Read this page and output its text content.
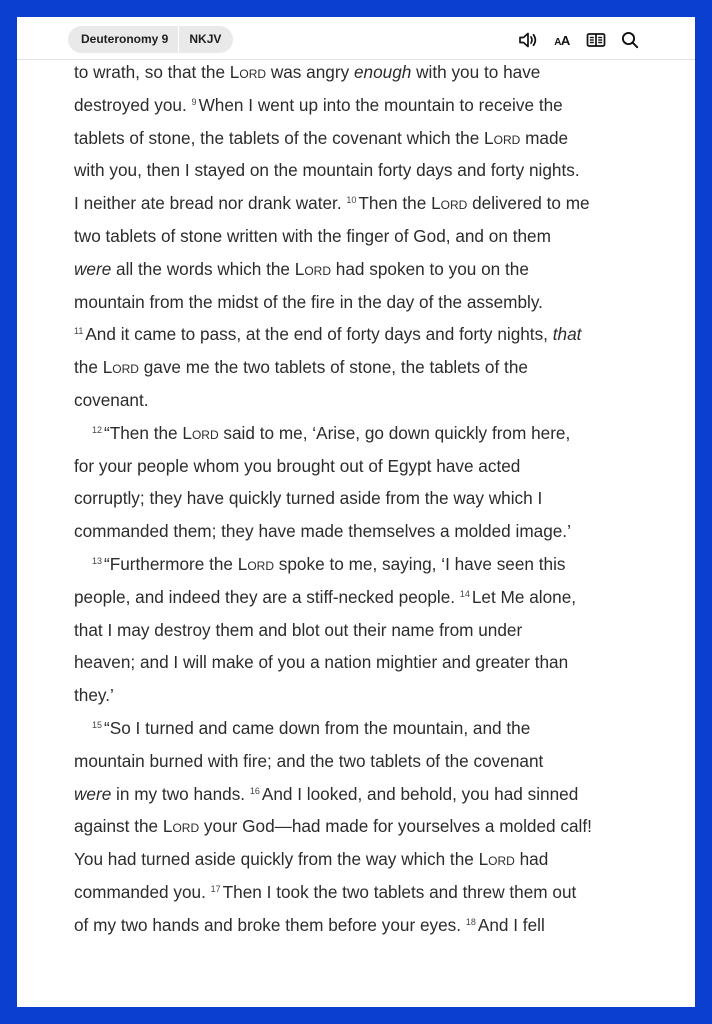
Deuteronomy 9	NKJV	AA

to wrath, so that the Lord was angry enough with you to have

destroyed you. $^9$ When I went up into the mountain to receive the

tablets of stone, the tablets of the covenant which the Lord made

with you, then I stayed on the mountain forty days and forty nights.

I neither ate bread nor drank water. $^{10}$ Then the Lord delivered to me

two tablets of stone written with the finger of God, and on them

were all the words which the Lord had spoken to you on the

mountain from the midst of the fire in the day of the assembly.

$^{11}$ And it came to pass, at the end of forty days and forty nights, that

the Lord gave me the two tablets of stone, the tablets of the

covenant.

$^{12}$ “Then the Lord said to me, ‘Arise, go down quickly from here,

for your people whom you brought out of Egypt have acted

corruptly; they have quickly turned aside from the way which I

commanded them; they have made themselves a molded image.’

$^{13}$ “Furthermore the Lord spoke to me, saying, ‘I have seen this

people, and indeed they are a stiff-necked people. $^{14}$ Let Me alone,

that I may destroy them and blot out their name from under

heaven; and I will make of you a nation mightier and greater than

they.’

$^{15}$ “So I turned and came down from the mountain, and the

mountain burned with fire; and the two tablets of the covenant

were in my two hands. $^{16}$ And I looked, and behold, you had sinned

against the Lord your God—had made for yourselves a molded calf!

You had turned aside quickly from the way which the Lord had

commanded you. $^{17}$ Then I took the two tablets and threw them out

of my two hands and broke them before your eyes. $^{18}$ And I fell
